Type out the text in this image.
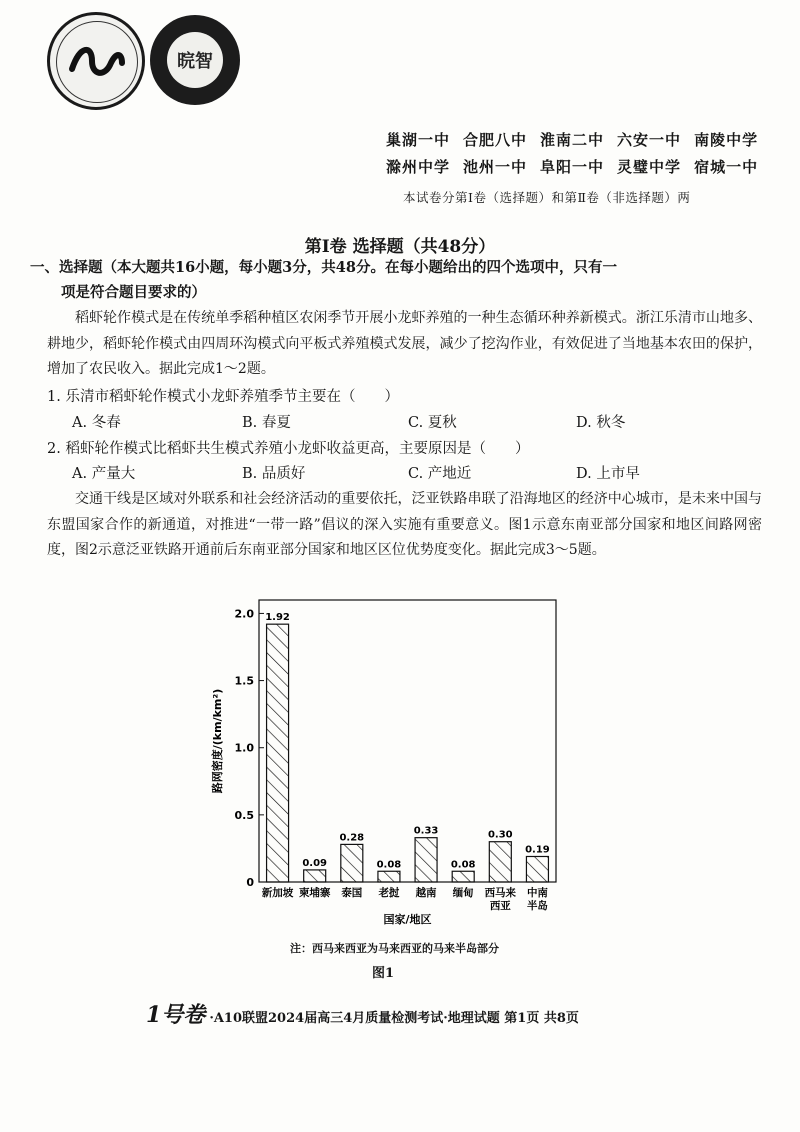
晥智
巢湖一中 合肥八中 淮南二中 六安一中 南陵中学
滁州中学 池州一中 阜阳一中 灵璧中学 宿城一中
本试卷分第Ⅰ卷（选择题）和第Ⅱ卷（非选择题）两
第Ⅰ卷 选择题（共48分）
一、选择题（本大题共16小题，每小题3分，共48分。在每小题给出的四个选项中，只有一
项是符合题目要求的）
稻虾轮作模式是在传统单季稻种植区农闲季节开展小龙虾养殖的一种生态循环种养新模式。浙江乐清市山地多、耕地少，稻虾轮作模式由四周环沟模式向平板式养殖模式发展，减少了挖沟作业，有效促进了当地基本农田的保护，增加了农民收入。据此完成1～2题。
1. 乐清市稻虾轮作模式小龙虾养殖季节主要在（　　）
A. 冬春	B. 春夏	C. 夏秋	D. 秋冬
2. 稻虾轮作模式比稻虾共生模式养殖小龙虾收益更高，主要原因是（　　）
A. 产量大	B. 品质好	C. 产地近	D. 上市早
交通干线是区域对外联系和社会经济活动的重要依托，泛亚铁路串联了沿海地区的经济中心城市，是未来中国与东盟国家合作的新通道，对推进“一带一路”倡议的深入实施有重要意义。图1示意东南亚部分国家和地区间路网密度，图2示意泛亚铁路开通前后东南亚部分国家和地区区位优势度变化。据此完成3～5题。
0
0.5
1.0
1.5
2.0 1.92
新加坡
0.09
柬埔寨
0.28
泰国
0.08
老挝
0.33
越南
0.08
缅甸
0.30
西马来
西亚
0.19
中南
半岛
国家/地区
路网密度/(km/km²)
注：西马来西亚为马来西亚的马来半岛部分
图1
1号卷 ·A10联盟2024届高三4月质量检测考试·地理试题 第1页 共8页
